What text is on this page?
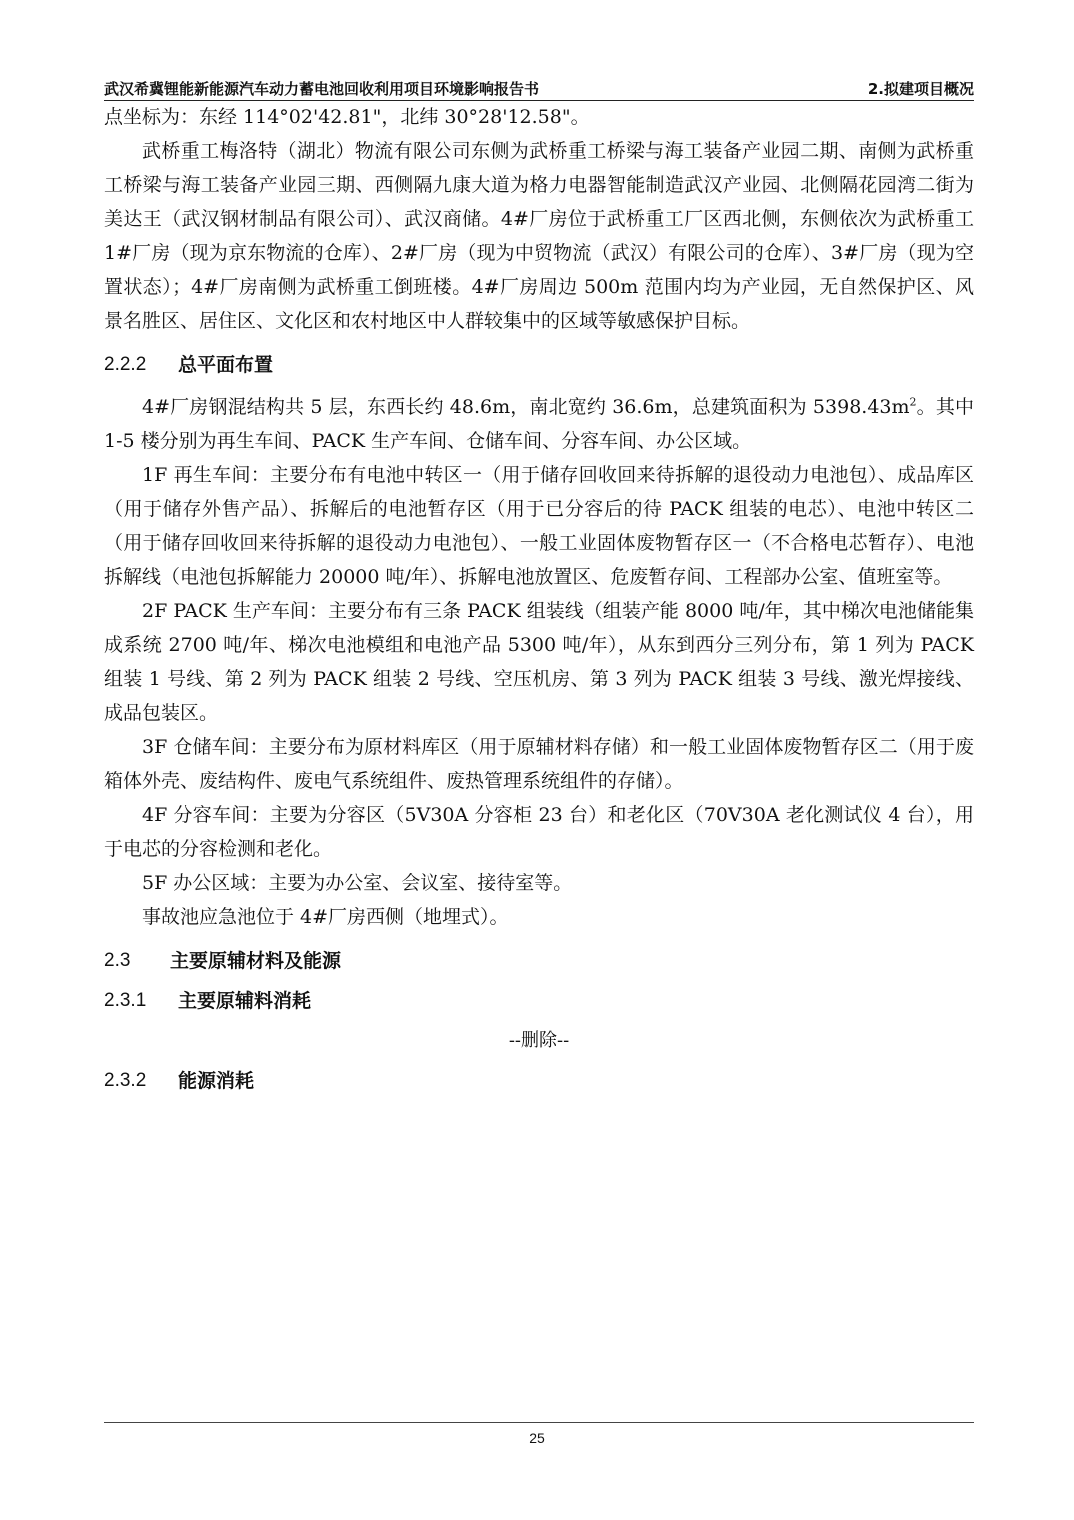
武汉希冀锂能新能源汽车动力蓄电池回收利用项目环境影响报告书	2.拟建项目概况

点坐标为：东经 114°02'42.81"，北纬 30°28'12.58"。

武桥重工梅洛特（湖北）物流有限公司东侧为武桥重工桥梁与海工装备产业园二期、南侧为武桥重工桥梁与海工装备产业园三期、西侧隔九康大道为格力电器智能制造武汉产业园、北侧隔花园湾二街为美达王（武汉钢材制品有限公司）、武汉商储。4#厂房位于武桥重工厂区西北侧，东侧依次为武桥重工 1#厂房（现为京东物流的仓库）、2#厂房（现为中贸物流（武汉）有限公司的仓库）、3#厂房（现为空置状态）；4#厂房南侧为武桥重工倒班楼。4#厂房周边 500m 范围内均为产业园，无自然保护区、风景名胜区、居住区、文化区和农村地区中人群较集中的区域等敏感保护目标。

2.2.2	总平面布置

4#厂房钢混结构共 5 层，东西长约 48.6m，南北宽约 36.6m，总建筑面积为 $5398.43m^2$。其中 1-5 楼分别为再生车间、PACK 生产车间、仓储车间、分容车间、办公区域。

1F 再生车间：主要分布有电池中转区一（用于储存回收回来待拆解的退役动力电池包）、成品库区（用于储存外售产品）、拆解后的电池暂存区（用于已分容后的待 PACK 组装的电芯）、电池中转区二（用于储存回收回来待拆解的退役动力电池包）、一般工业固体废物暂存区一（不合格电芯暂存）、电池拆解线（电池包拆解能力 20000 吨/年）、拆解电池放置区、危废暂存间、工程部办公室、值班室等。

2F PACK 生产车间：主要分布有三条 PACK 组装线（组装产能 8000 吨/年，其中梯次电池储能集成系统 2700 吨/年、梯次电池模组和电池产品 5300 吨/年），从东到西分三列分布，第 1 列为 PACK 组装 1 号线、第 2 列为 PACK 组装 2 号线、空压机房、第 3 列为 PACK 组装 3 号线、激光焊接线、成品包装区。

3F 仓储车间：主要分布为原材料库区（用于原辅材料存储）和一般工业固体废物暂存区二（用于废箱体外壳、废结构件、废电气系统组件、废热管理系统组件的存储）。

4F 分容车间：主要为分容区（5V30A 分容柜 23 台）和老化区（70V30A 老化测试仪 4 台），用于电芯的分容检测和老化。

5F 办公区域：主要为办公室、会议室、接待室等。

事故池应急池位于 4#厂房西侧（地埋式）。

2.3	主要原辅材料及能源
2.3.1	主要原辅料消耗
--删除--
2.3.2	能源消耗
25
